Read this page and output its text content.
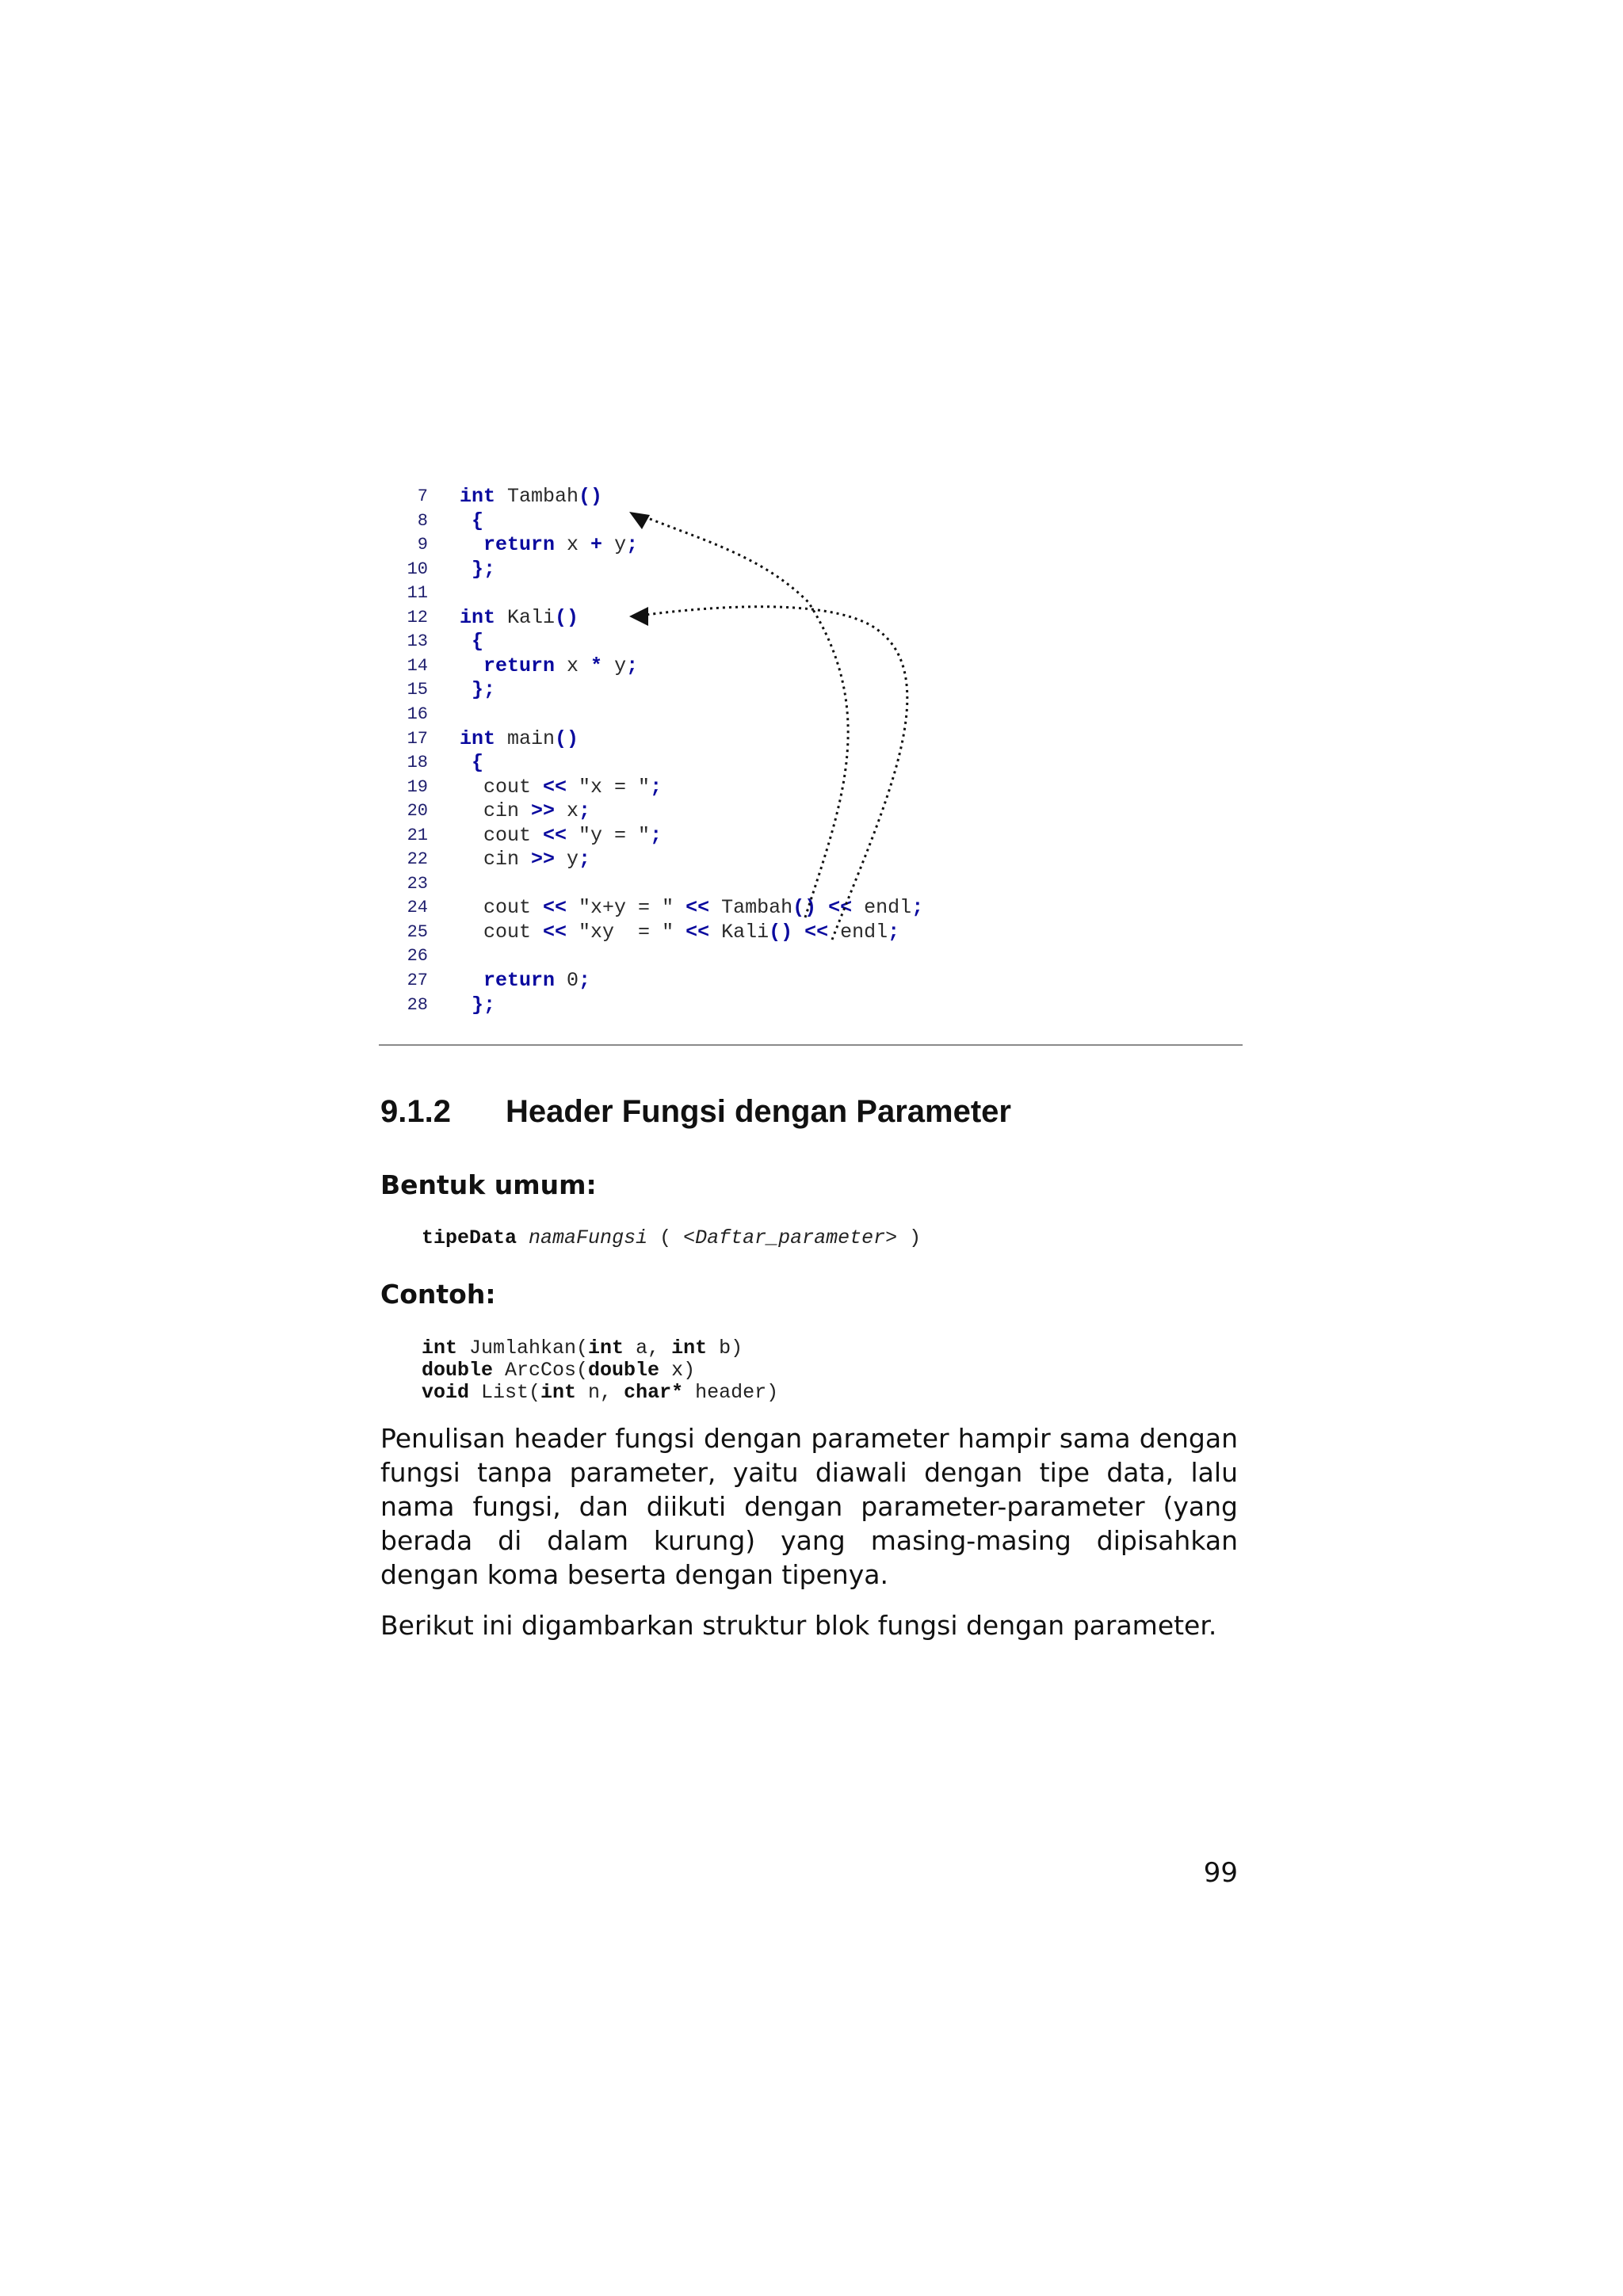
7 int Tambah()
8 {
9	return x + y;
10 };
11
12 int Kali()
13 {
14	return x * y;
15 };
16
17 int main()
18 {
19 cout << "x = ";
20 cin >> x;
21 cout << "y = ";
22 cin >> y;
23
24 cout << "x+y = " << Tambah() << endl;
25 cout << "xy  = " << Kali() << endl;
26
27	return 0;
28 };
9.1.2 Header Fungsi dengan Parameter
Bentuk umum:
tipeData namaFungsi ( <Daftar_parameter> )
Contoh:
int Jumlahkan(int a, int b)
double ArcCos(double x)
void List(int n, char* header)

Penulisan header fungsi dengan parameter hampir sama dengan fungsi tanpa parameter, yaitu diawali dengan tipe data, lalu nama fungsi, dan diikuti dengan parameter-parameter (yang berada di dalam kurung) yang masing-masing dipisahkan dengan koma beserta dengan tipenya.

Berikut ini digambarkan struktur blok fungsi dengan parameter.

99
